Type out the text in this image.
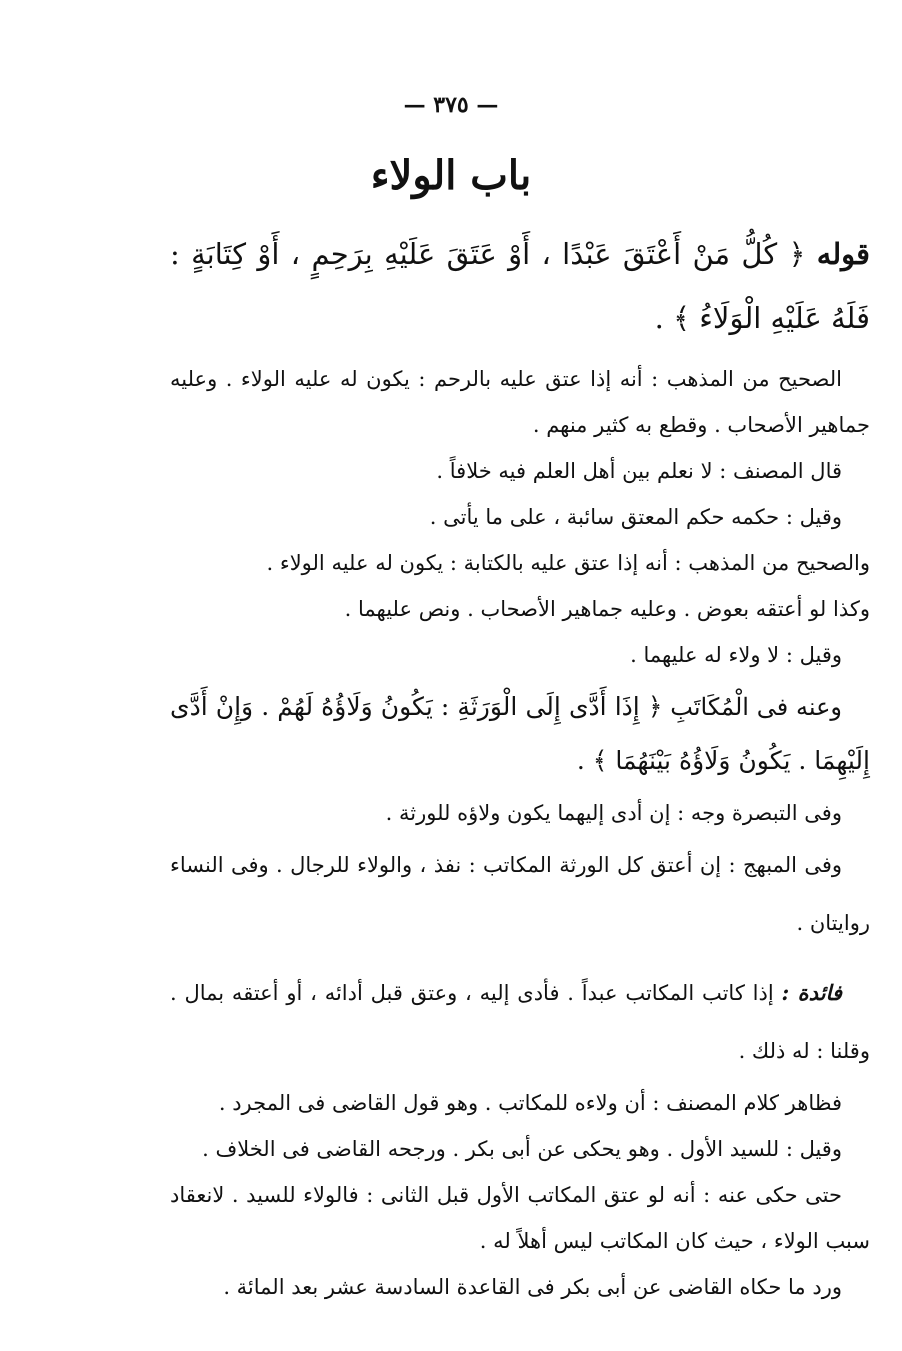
— ٣٧٥ —
باب الولاء

قوله ﴿ كُلُّ مَنْ أَعْتَقَ عَبْدًا ، أَوْ عَتَقَ عَلَيْهِ بِرَحِمٍ ، أَوْ كِتَابَةٍ : فَلَهُ عَلَيْهِ الْوَلَاءُ ﴾ .

الصحيح من المذهب : أنه إذا عتق عليه بالرحم : يكون له عليه الولاء . وعليه جماهير الأصحاب . وقطع به كثير منهم .

قال المصنف : لا نعلم بين أهل العلم فيه خلافاً .

وقيل : حكمه حكم المعتق سائبة ، على ما يأتى .

والصحيح من المذهب : أنه إذا عتق عليه بالكتابة : يكون له عليه الولاء .

وكذا لو أعتقه بعوض . وعليه جماهير الأصحاب . ونص عليهما .

وقيل : لا ولاء له عليهما .

وعنه فى الْمُكَاتَبِ ﴿ إِذَا أَدَّى إِلَى الْوَرَثَةِ : يَكُونُ وَلَاؤُهُ لَهُمْ . وَإِنْ أَدَّى إِلَيْهِمَا . يَكُونُ وَلَاؤُهُ بَيْنَهُمَا ﴾ .

وفى التبصرة وجه : إن أدى إليهما يكون ولاؤه للورثة .

وفى المبهج : إن أعتق كل الورثة المكاتب : نفذ ، والولاء للرجال . وفى النساء روايتان .

فائدة : إذا كاتب المكاتب عبداً . فأدى إليه ، وعتق قبل أدائه ، أو أعتقه بمال . وقلنا : له ذلك .

فظاهر كلام المصنف : أن ولاءه للمكاتب . وهو قول القاضى فى المجرد .

وقيل : للسيد الأول . وهو يحكى عن أبى بكر . ورجحه القاضى فى الخلاف .

حتى حكى عنه : أنه لو عتق المكاتب الأول قبل الثانى : فالولاء للسيد . لانعقاد سبب الولاء ، حيث كان المكاتب ليس أهلاً له .

ورد ما حكاه القاضى عن أبى بكر فى القاعدة السادسة عشر بعد المائة .
